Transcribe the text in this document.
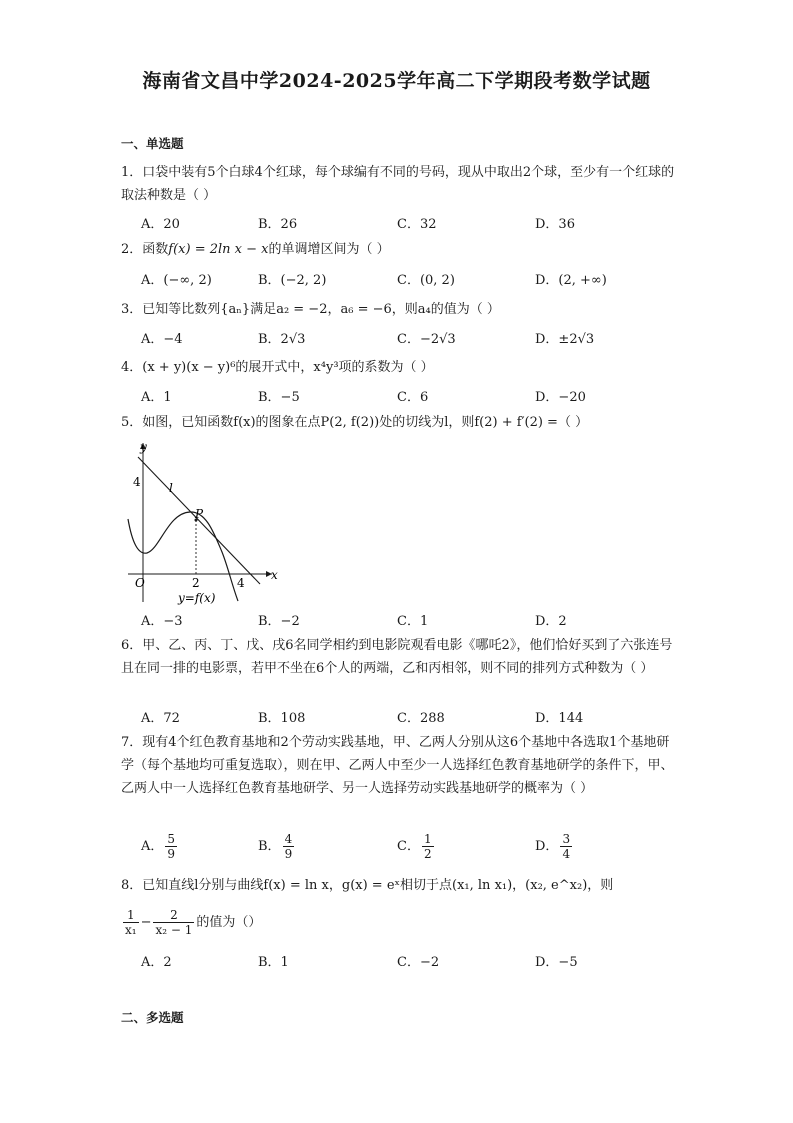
海南省文昌中学2024-2025学年高二下学期段考数学试题
一、单选题
1．口袋中装有5个白球4个红球，每个球编有不同的号码，现从中取出2个球，至少有一个红球的取法种数是（ ）
A．20	B．26	C．32	D．36
2．函数f(x) = 2ln x − x的单调增区间为（ ）
A．(−∞, 2)	B．(−2, 2)	C．(0, 2)	D．(2, +∞)
3．已知等比数列{aₙ}满足a₂ = −2，a₆ = −6，则a₄的值为（ ）
A．−4	B．2√3	C．−2√3	D．±2√3
4．(x + y)(x − y)⁶的展开式中，x⁴y³项的系数为（ ）
A．1	B．−5	C．6	D．−20
5．如图，已知函数f(x)的图象在点P(2, f(2))处的切线为l，则f(2) + f′(2) =（ ）
x
y
4
O	2	4
l
P
y=f(x)
A．−3	B．−2	C．1	D．2
6．甲、乙、丙、丁、戊、戌6名同学相约到电影院观看电影《哪吒2》，他们恰好买到了六张连号且在同一排的电影票，若甲不坐在6个人的两端，乙和丙相邻，则不同的排列方式种数为（ ）
A．72	B．108	C．288	D．144
7．现有4个红色教育基地和2个劳动实践基地，甲、乙两人分别从这6个基地中各选取1个基地研学（每个基地均可重复选取），则在甲、乙两人中至少一人选择红色教育基地研学的条件下，甲、乙两人中一人选择红色教育基地研学、另一人选择劳动实践基地研学的概率为（ ）
A． $\frac{5}{9}$	B． $\frac{4}{9}$	C． $\frac{1}{2}$	D． $\frac{3}{4}$
8．已知直线l分别与曲线f(x) = ln x，g(x) = eˣ相切于点(x₁, ln x₁)，(x₂, e^x₂)，则
$\frac{1}{\text{x₁}} - \frac{2}{\text{x₂ − 1}}$ 的值为（）
A．2	B．1	C．−2	D．−5
二、多选题
